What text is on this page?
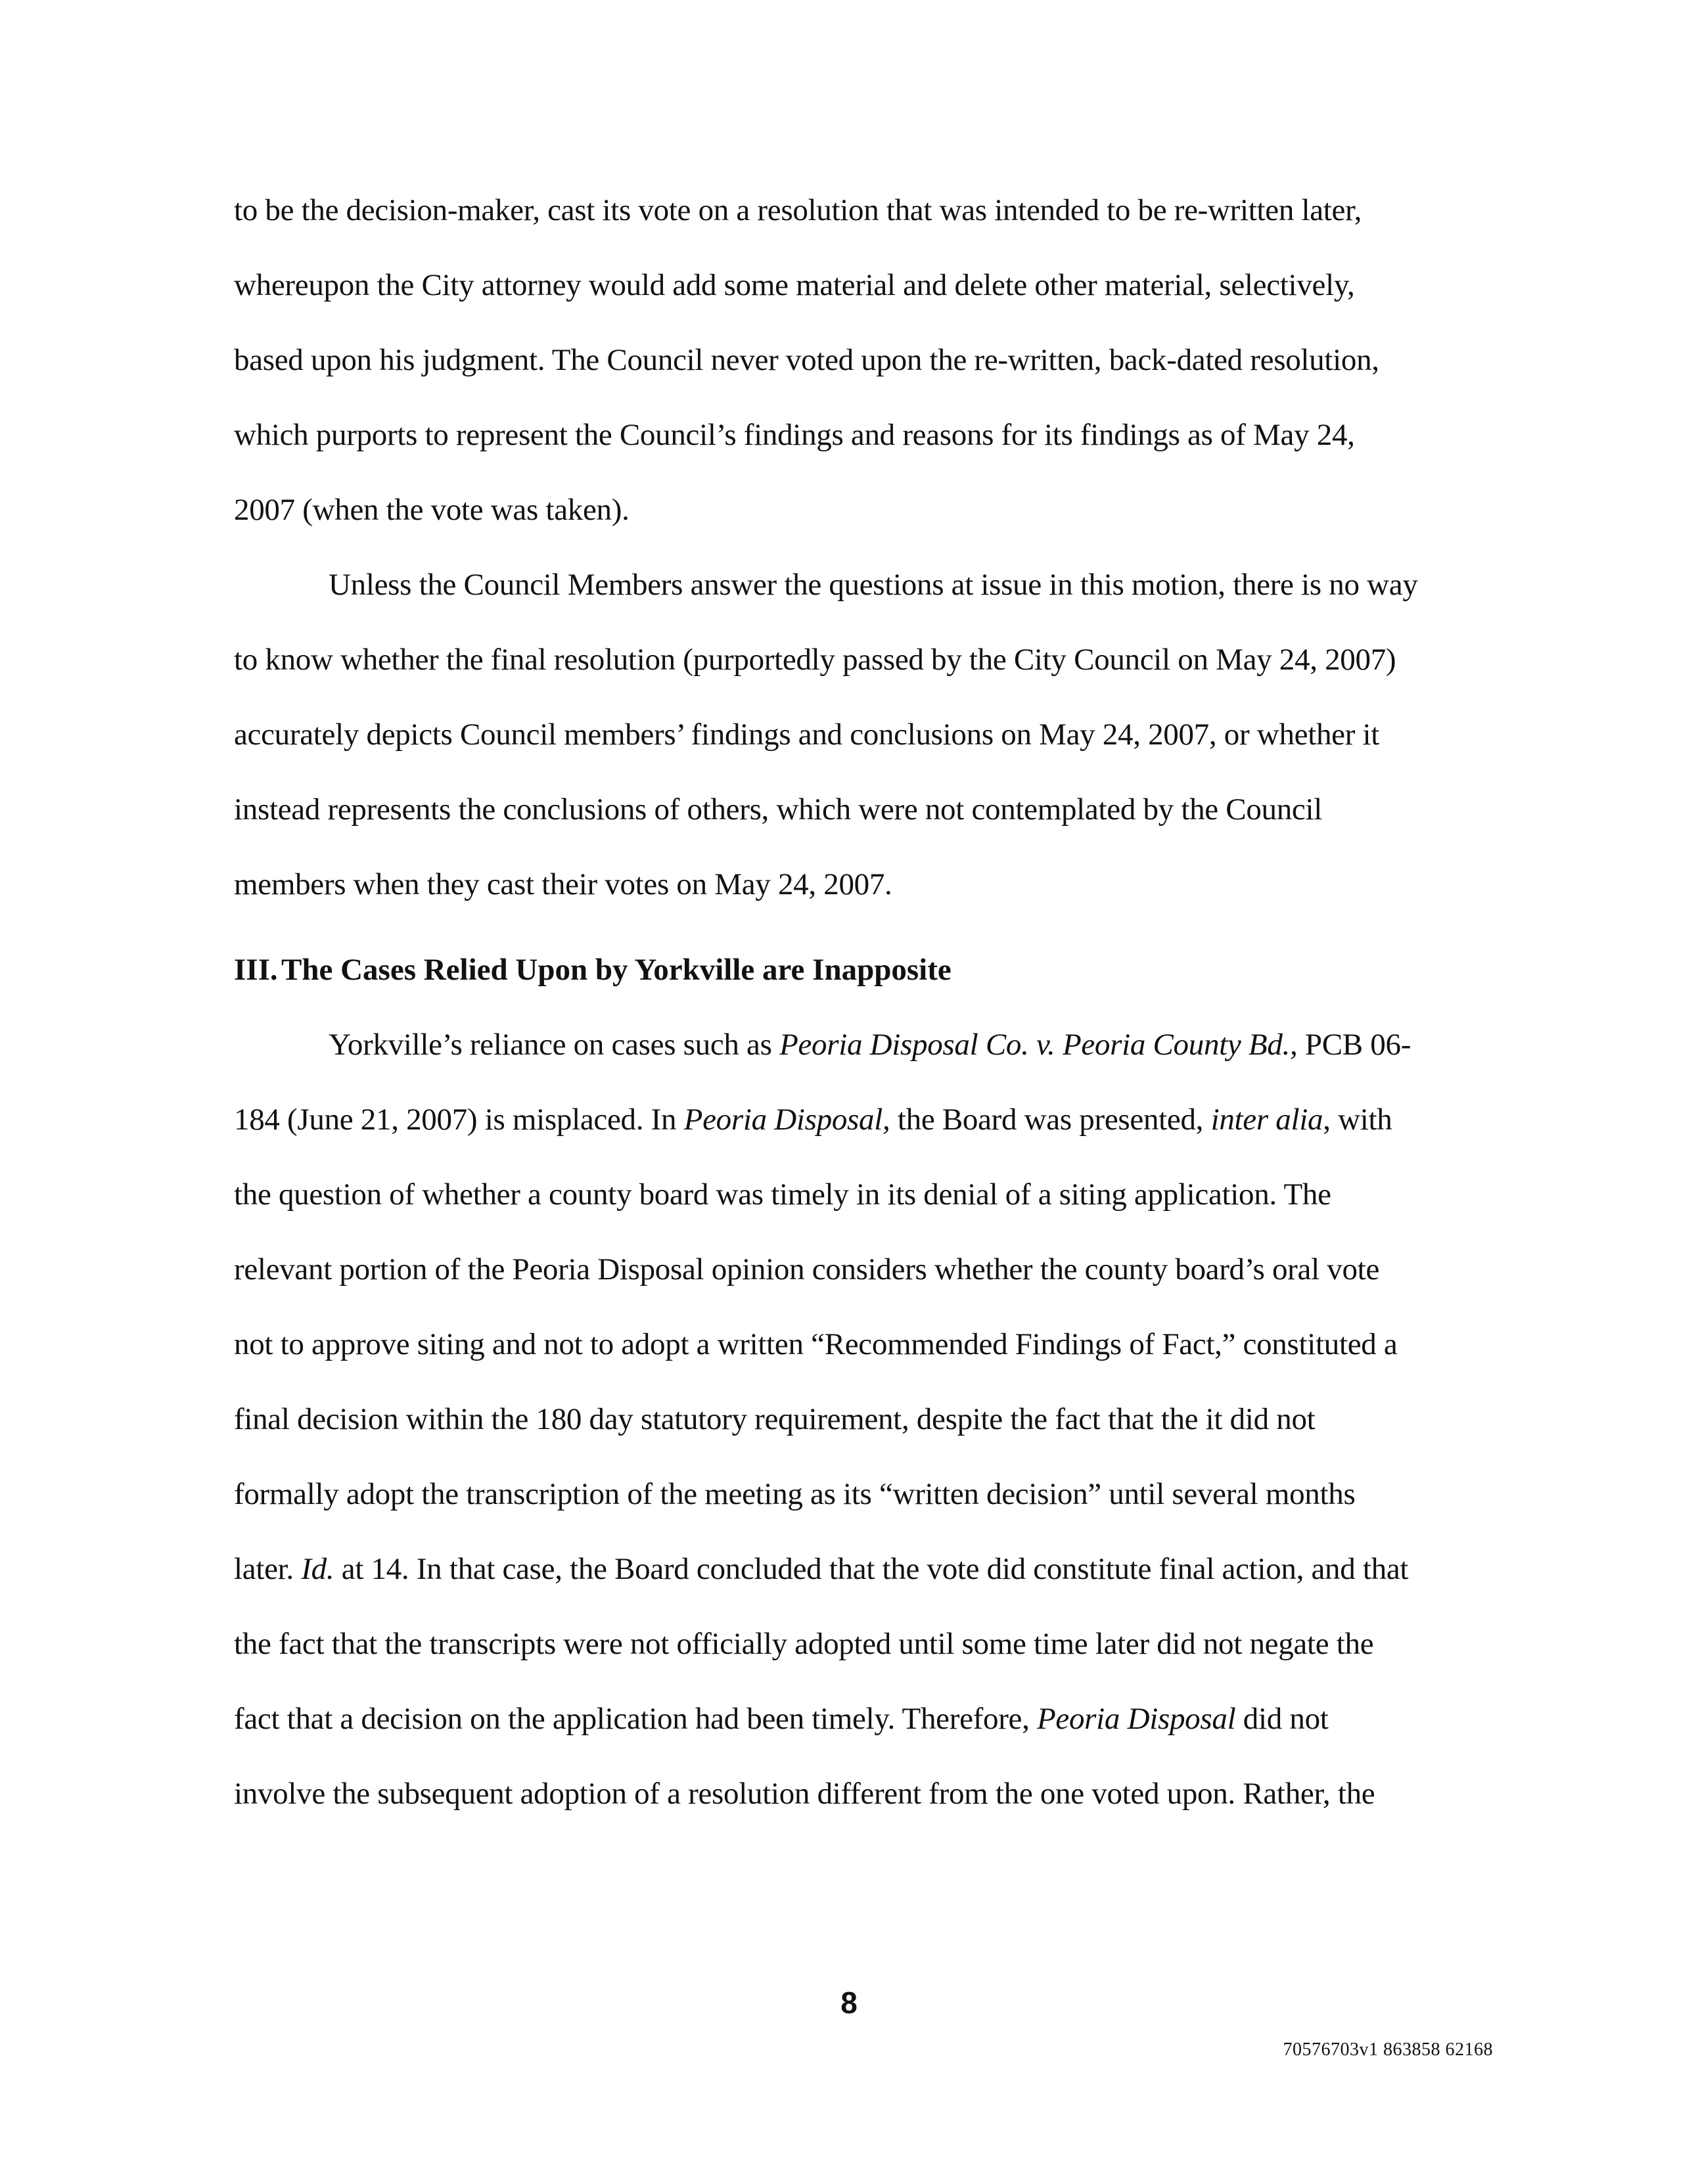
to be the decision-maker, cast its vote on a resolution that was intended to be re-written later,
whereupon the City attorney would add some material and delete other material, selectively,
based upon his judgment. The Council never voted upon the re-written, back-dated resolution,
which purports to represent the Council’s findings and reasons for its findings as of May 24,
2007 (when the vote was taken).
Unless the Council Members answer the questions at issue in this motion, there is no way
to know whether the final resolution (purportedly passed by the City Council on May 24, 2007)
accurately depicts Council members’ findings and conclusions on May 24, 2007, or whether it
instead represents the conclusions of others, which were not contemplated by the Council
members when they cast their votes on May 24, 2007.
III. The Cases Relied Upon by Yorkville are Inapposite
Yorkville’s reliance on cases such as Peoria Disposal Co. v. Peoria County Bd., PCB 06-
184 (June 21, 2007) is misplaced. In Peoria Disposal, the Board was presented, inter alia, with
the question of whether a county board was timely in its denial of a siting application. The
relevant portion of the Peoria Disposal opinion considers whether the county board’s oral vote
not to approve siting and not to adopt a written “Recommended Findings of Fact,” constituted a
final decision within the 180 day statutory requirement, despite the fact that the it did not
formally adopt the transcription of the meeting as its “written decision” until several months
later. Id. at 14. In that case, the Board concluded that the vote did constitute final action, and that
the fact that the transcripts were not officially adopted until some time later did not negate the
fact that a decision on the application had been timely. Therefore, Peoria Disposal did not
involve the subsequent adoption of a resolution different from the one voted upon. Rather, the
8
70576703v1 863858 62168
